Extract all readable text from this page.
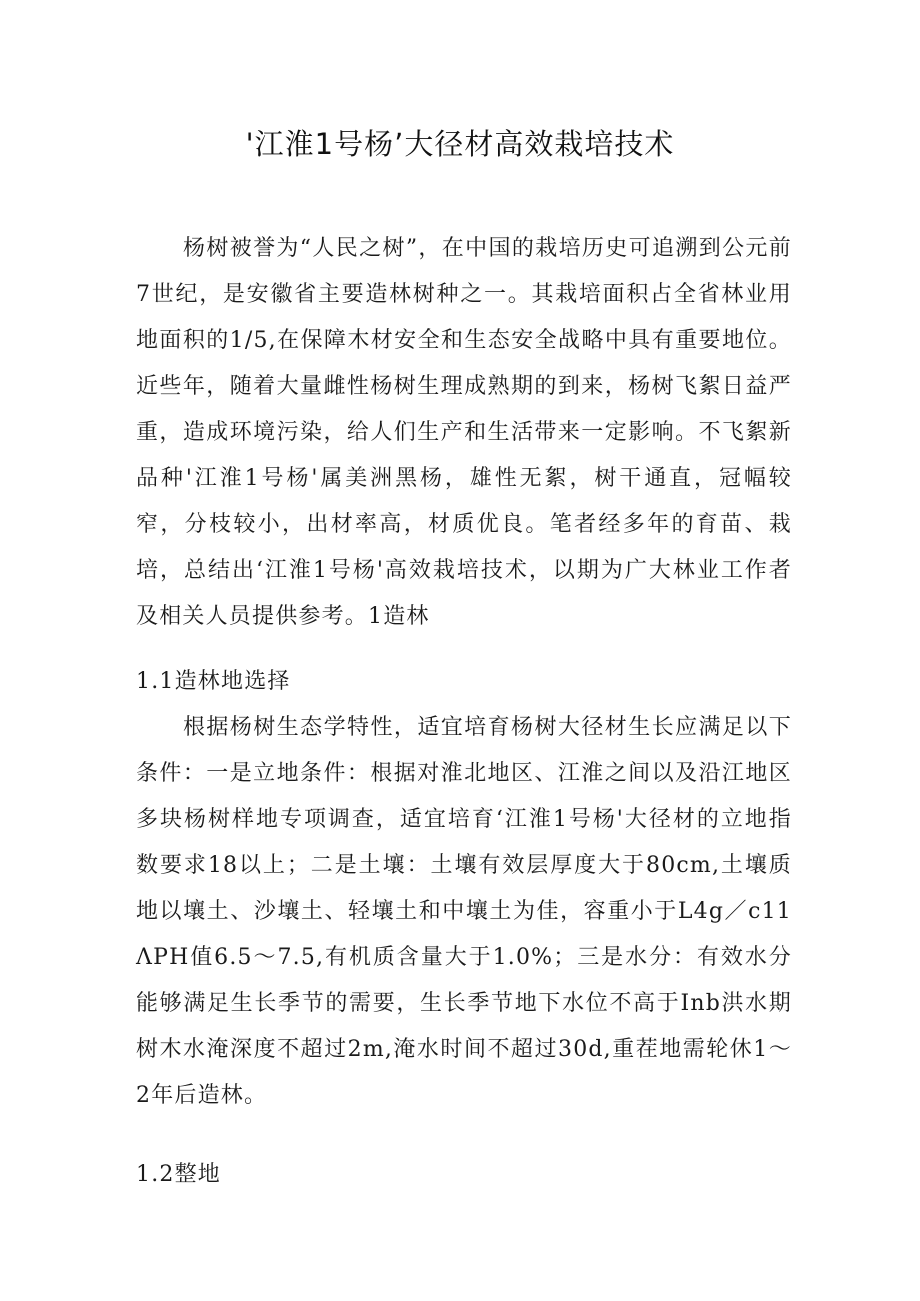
'江淮1号杨’大径材高效栽培技术

杨树被誉为“人民之树”，在中国的栽培历史可追溯到公元前7世纪，是安徽省主要造林树种之一。其栽培面积占全省林业用地面积的1/5,在保障木材安全和生态安全战略中具有重要地位。近些年，随着大量雌性杨树生理成熟期的到来，杨树飞絮日益严重，造成环境污染，给人们生产和生活带来一定影响。不飞絮新品种'江淮1号杨'属美洲黑杨，雄性无絮，树干通直，冠幅较窄，分枝较小，出材率高，材质优良。笔者经多年的育苗、栽培，总结出‘江淮1号杨'高效栽培技术，以期为广大林业工作者及相关人员提供参考。1造林

1.1造林地选择

根据杨树生态学特性，适宜培育杨树大径材生长应满足以下条件：一是立地条件：根据对淮北地区、江淮之间以及沿江地区多块杨树样地专项调查，适宜培育‘江淮1号杨'大径材的立地指数要求18以上；二是土壤：土壤有效层厚度大于80cm,土壤质地以壤土、沙壤土、轻壤土和中壤土为佳，容重小于L4g／c11ΛPH值6.5～7.5,有机质含量大于1.0%；三是水分：有效水分能够满足生长季节的需要，生长季节地下水位不高于Inb洪水期树木水淹深度不超过2m,淹水时间不超过30d,重茬地需轮休1～2年后造林。

1.2整地
